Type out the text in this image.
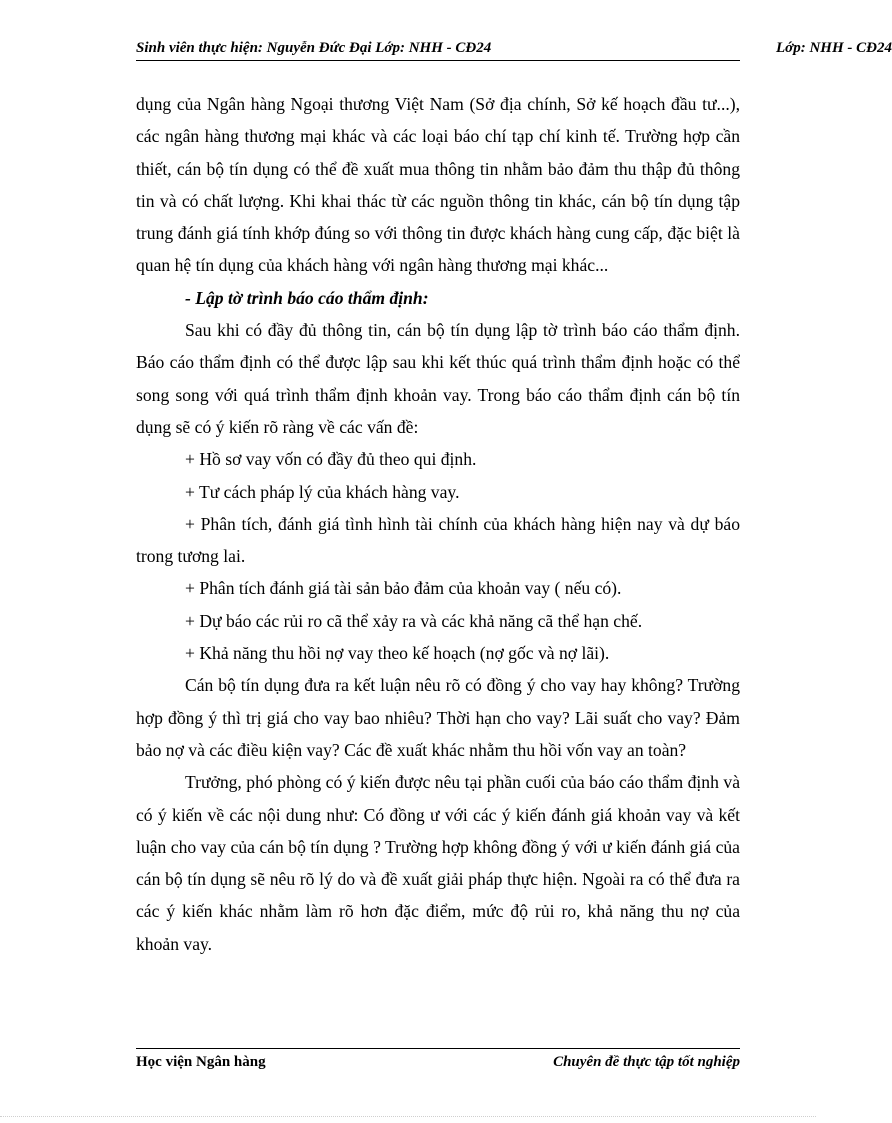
Sinh viên thực hiện: Nguyễn Đức Đại Lớp: NHH - CĐ24	Lớp: NHH - CĐ24

dụng của Ngân hàng Ngoại thương Việt Nam (Sở địa chính, Sở kế hoạch đầu tư...), các ngân hàng thương mại khác và các loại báo chí tạp chí kinh tế. Trường hợp cần thiết, cán bộ tín dụng có thể đề xuất mua thông tin nhằm bảo đảm thu thập đủ thông tin và có chất lượng. Khi khai thác từ các nguồn thông tin khác, cán bộ tín dụng tập trung đánh giá tính khớp đúng so với thông tin được khách hàng cung cấp, đặc biệt là quan hệ tín dụng của khách hàng với ngân hàng thương mại khác...

- Lập tờ trình báo cáo thẩm định:

Sau khi có đầy đủ thông tin, cán bộ tín dụng lập tờ trình báo cáo thẩm định. Báo cáo thẩm định có thể được lập sau khi kết thúc quá trình thẩm định hoặc có thể song song với quá trình thẩm định khoản vay. Trong báo cáo thẩm định cán bộ tín dụng sẽ có ý kiến rõ ràng về các vấn đề:

+ Hồ sơ vay vốn có đầy đủ theo qui định.

+ Tư cách pháp lý của khách hàng vay.

+ Phân tích, đánh giá tình hình tài chính của khách hàng hiện nay và dự báo trong tương lai.

+ Phân tích đánh giá tài sản bảo đảm của khoản vay ( nếu có).

+ Dự báo các rủi ro cã thể xảy ra và các khả năng cã thể hạn chế.

+ Khả năng thu hồi nợ vay theo kế hoạch (nợ gốc và nợ lãi).

Cán bộ tín dụng đưa ra kết luận nêu rõ có đồng ý cho vay hay không? Trường hợp đồng ý thì trị giá cho vay bao nhiêu? Thời hạn cho vay? Lãi suất cho vay? Đảm bảo nợ và các điều kiện vay? Các đề xuất khác nhằm thu hồi vốn vay an toàn?

Trưởng, phó phòng có ý kiến được nêu tại phần cuối của báo cáo thẩm định và có ý kiến về các nội dung như: Có đồng ư với các ý kiến đánh giá khoản vay và kết luận cho vay của cán bộ tín dụng ? Trường hợp không đồng ý với ư kiến đánh giá của cán bộ tín dụng sẽ nêu rõ lý do và đề xuất giải pháp thực hiện. Ngoài ra có thể đưa ra các ý kiến khác nhằm làm rõ hơn đặc điểm, mức độ rủi ro, khả năng thu nợ của khoản vay.

Học viện Ngân hàng	Chuyên đề thực tập tốt nghiệp
